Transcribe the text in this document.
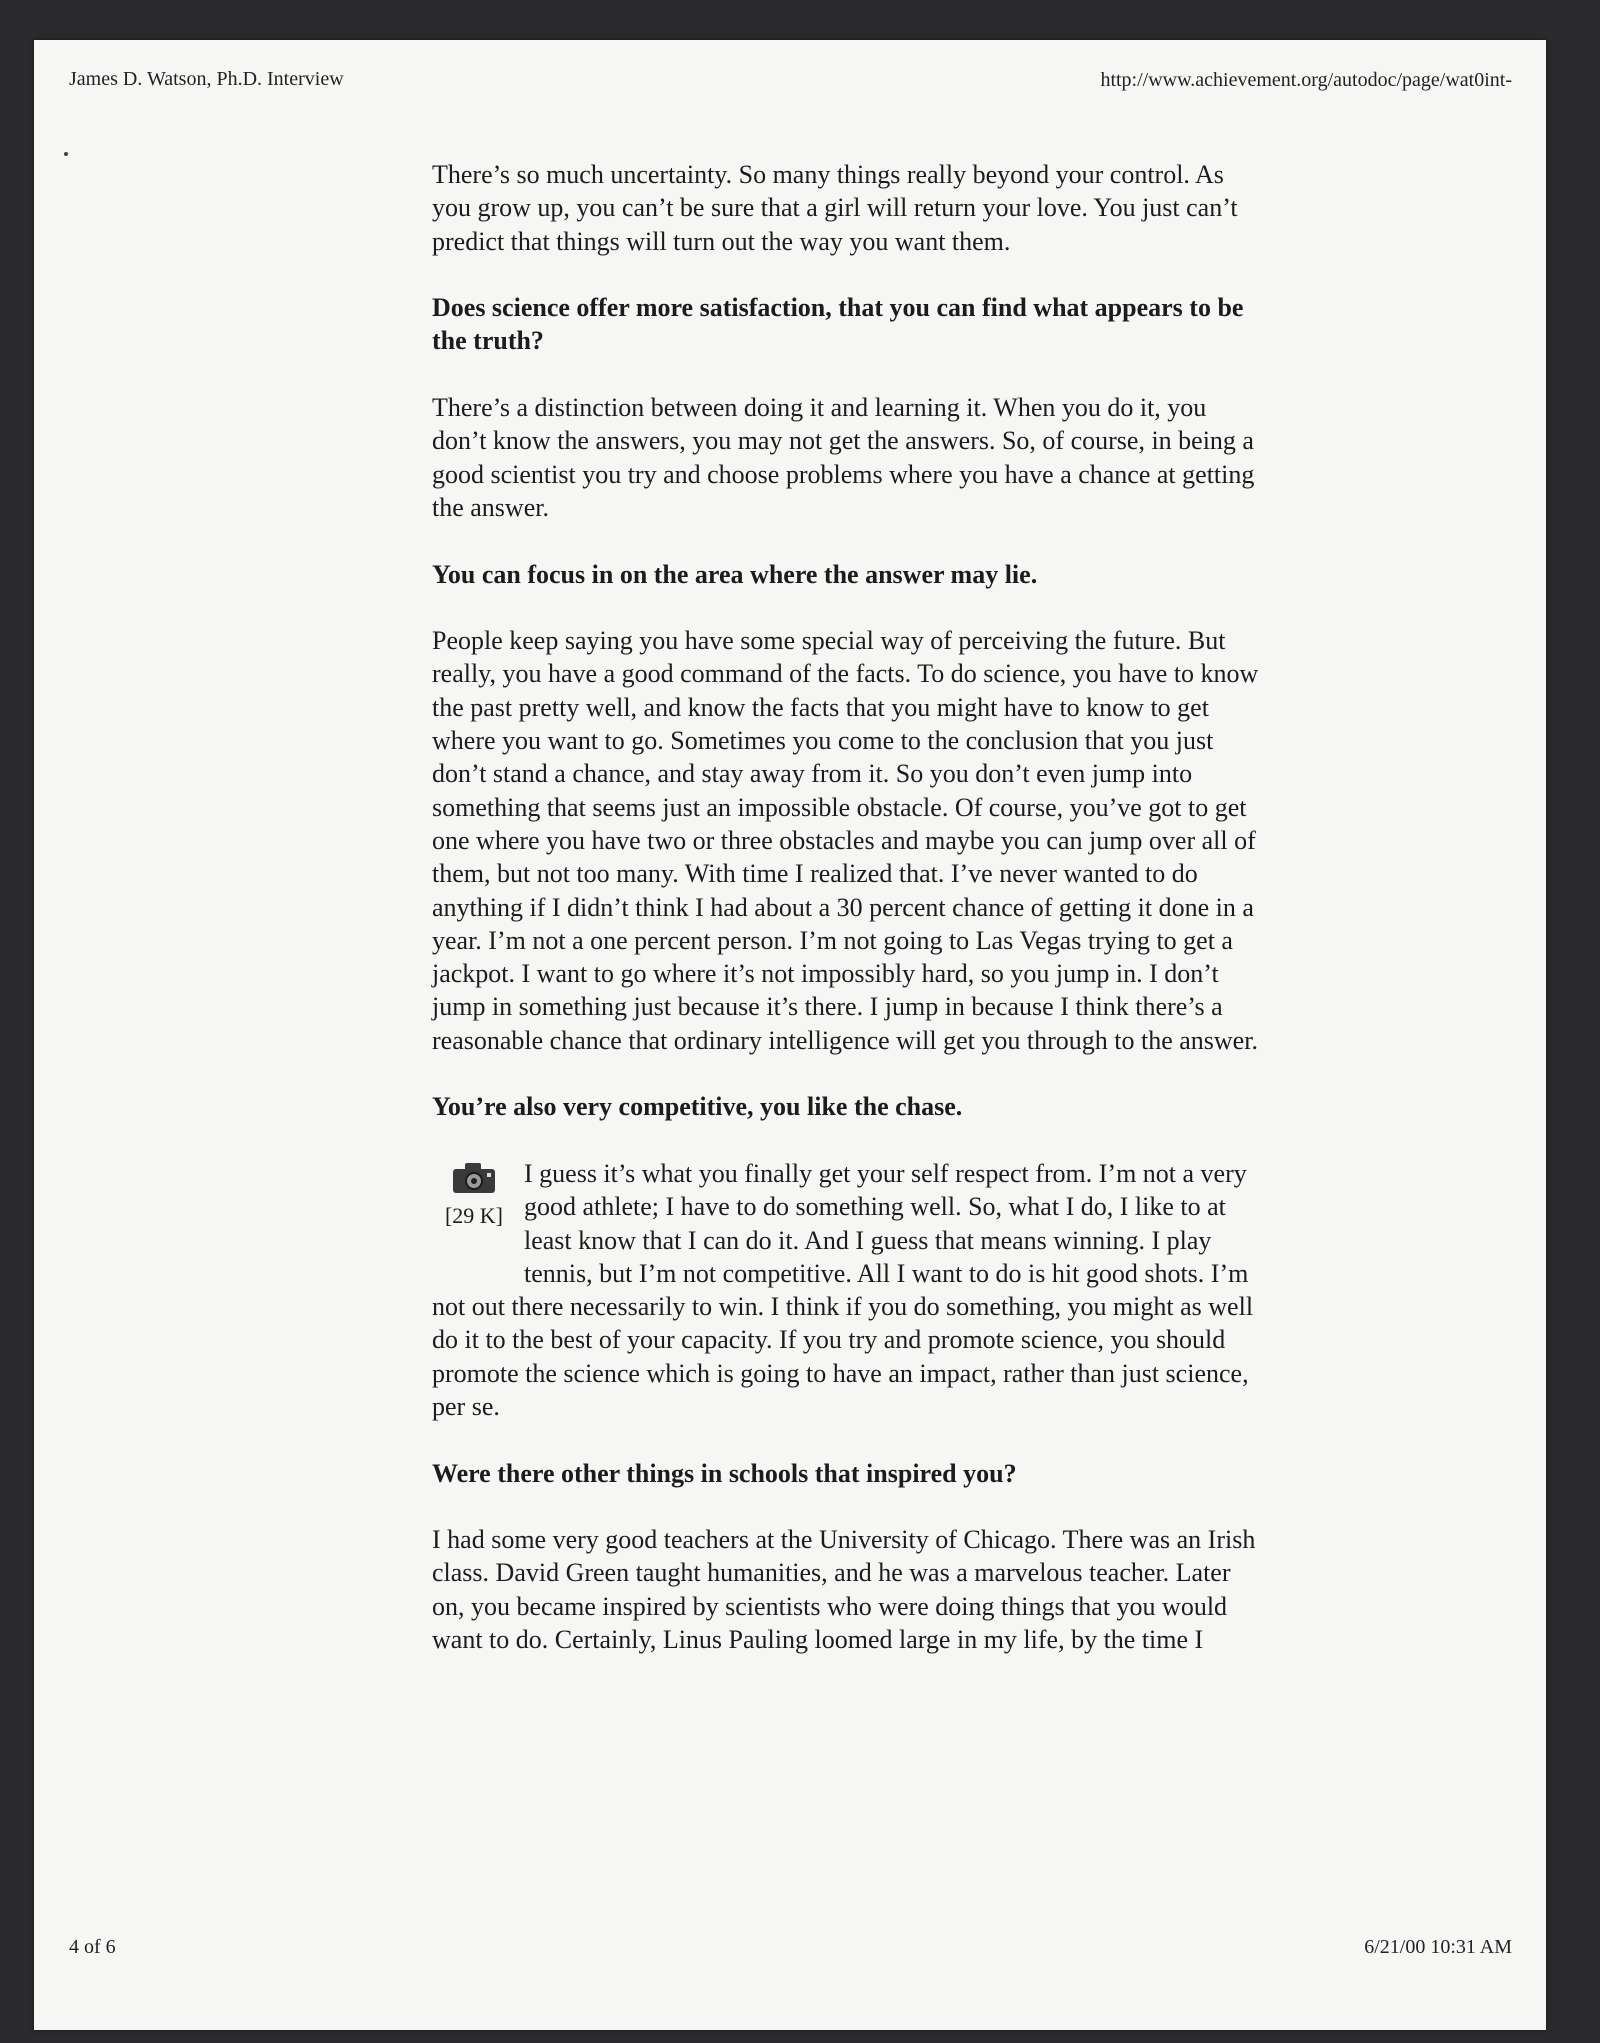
James D. Watson, Ph.D. Interview	http://www.achievement.org/autodoc/page/wat0int-

There’s so much uncertainty. So many things really beyond your control. As you grow up, you can’t be sure that a girl will return your love. You just can’t predict that things will turn out the way you want them.

Does science offer more satisfaction, that you can find what appears to be the truth?

There’s a distinction between doing it and learning it. When you do it, you don’t know the answers, you may not get the answers. So, of course, in being a good scientist you try and choose problems where you have a chance at getting the answer.

You can focus in on the area where the answer may lie.

People keep saying you have some special way of perceiving the future. But really, you have a good command of the facts. To do science, you have to know the past pretty well, and know the facts that you might have to know to get where you want to go. Sometimes you come to the conclusion that you just don’t stand a chance, and stay away from it. So you don’t even jump into something that seems just an impossible obstacle. Of course, you’ve got to get one where you have two or three obstacles and maybe you can jump over all of them, but not too many. With time I realized that. I’ve never wanted to do anything if I didn’t think I had about a 30 percent chance of getting it done in a year. I’m not a one percent person. I’m not going to Las Vegas trying to get a jackpot. I want to go where it’s not impossibly hard, so you jump in. I don’t jump in something just because it’s there. I jump in because I think there’s a reasonable chance that ordinary intelligence will get you through to the answer.

You’re also very competitive, you like the chase.

[29 K]

I guess it’s what you finally get your self respect from. I’m not a very good athlete; I have to do something well. So, what I do, I like to at least know that I can do it. And I guess that means winning. I play tennis, but I’m not competitive. All I want to do is hit good shots. I’m not out there necessarily to win. I think if you do something, you might as well do it to the best of your capacity. If you try and promote science, you should promote the science which is going to have an impact, rather than just science, per se.

Were there other things in schools that inspired you?

I had some very good teachers at the University of Chicago. There was an Irish class. David Green taught humanities, and he was a marvelous teacher. Later on, you became inspired by scientists who were doing things that you would want to do. Certainly, Linus Pauling loomed large in my life, by the time I

4 of 6	6/21/00 10:31 AM
